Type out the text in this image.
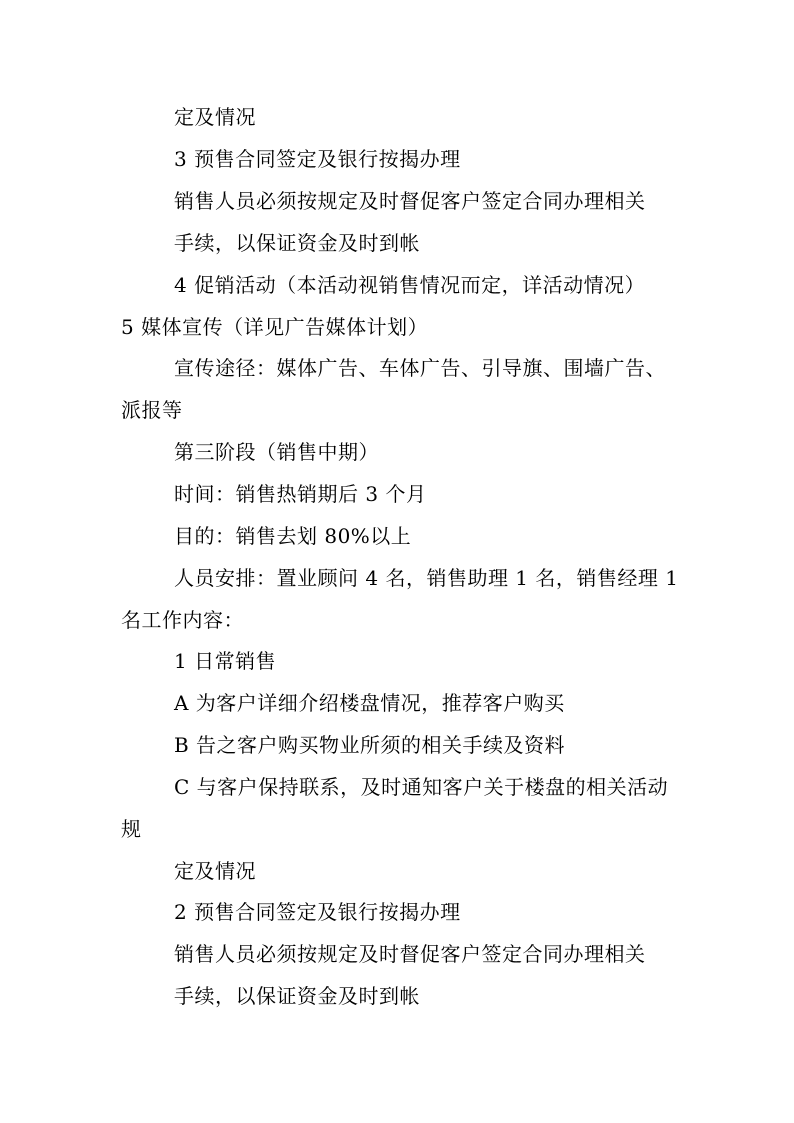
定及情况
3 预售合同签定及银行按揭办理
销售人员必须按规定及时督促客户签定合同办理相关
手续，以保证资金及时到帐
4 促销活动（本活动视销售情况而定，详活动情况）
5 媒体宣传（详见广告媒体计划）
宣传途径：媒体广告、车体广告、引导旗、围墙广告、
派报等
第三阶段（销售中期）
时间：销售热销期后 3 个月
目的：销售去划 80%以上
人员安排：置业顾问 4 名，销售助理 1 名，销售经理 1
名工作内容：
1 日常销售
A 为客户详细介绍楼盘情况，推荐客户购买
B 告之客户购买物业所须的相关手续及资料
C 与客户保持联系，及时通知客户关于楼盘的相关活动
规
定及情况
2 预售合同签定及银行按揭办理
销售人员必须按规定及时督促客户签定合同办理相关
手续，以保证资金及时到帐
